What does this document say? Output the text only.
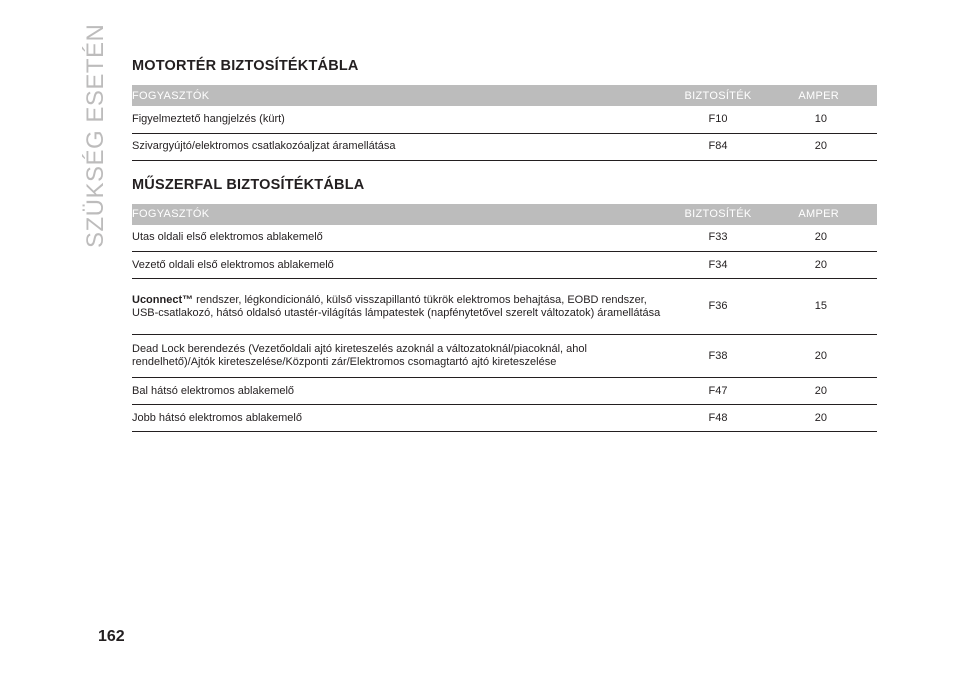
SZÜKSÉG ESETÉN MOTORTÉR BIZTOSÍTÉKTÁBLA
FOGYASZTÓK	BIZTOSÍTÉK	AMPER
Figyelmeztető hangjelzés (kürt)	F10	10
Szivargyújtó/elektromos csatlakozóaljzat áramellátása	F84	20
MŰSZERFAL BIZTOSÍTÉKTÁBLA
FOGYASZTÓK	BIZTOSÍTÉK	AMPER
Utas oldali első elektromos ablakemelő	F33	20
Vezető oldali első elektromos ablakemelő	F34	20

Uconnect™ rendszer, légkondicionáló, külső visszapillantó tükrök elektromos behajtása, EOBD rendszer, USB-csatlakozó, hátsó oldalsó utastér-világítás lámpatestek (napfénytetővel szerelt változatok) áramellátása	F36	15

Dead Lock berendezés (Vezetőoldali ajtó kireteszelés azoknál a változatoknál/piacoknál, ahol rendelhető)/Ajtók kireteszelése/Központi zár/Elektromos csomagtartó ajtó kireteszelése	F38	20
Bal hátsó elektromos ablakemelő	F47	20
Jobb hátsó elektromos ablakemelő	F48	20
162
